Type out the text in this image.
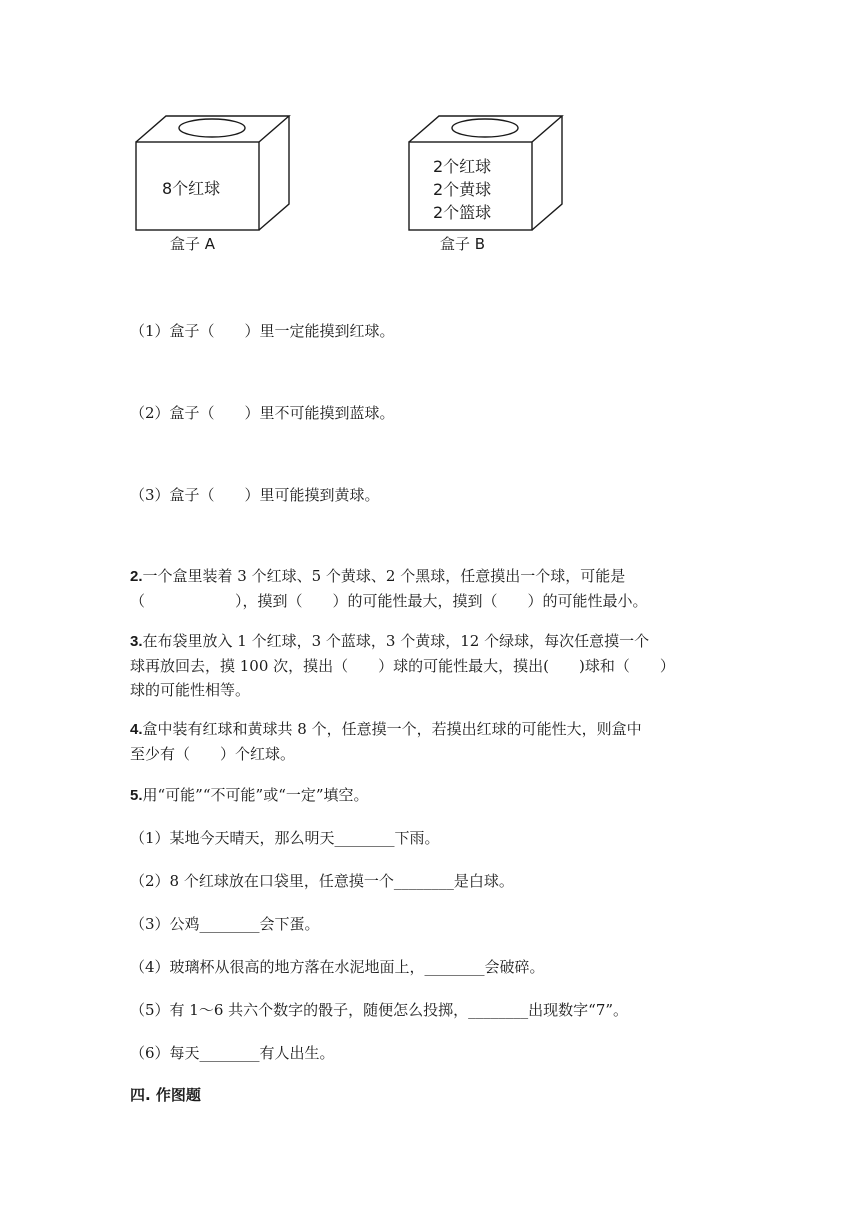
8个红球
盒子 A
2个红球
2个黄球
2个篮球
盒子 B
（1）盒子（　　）里一定能摸到红球。
（2）盒子（　　）里不可能摸到蓝球。
（3）盒子（　　）里可能摸到黄球。
2.一个盒里装着 3 个红球、5 个黄球、2 个黑球，任意摸出一个球，可能是
（　　　　　　），摸到（　　）的可能性最大，摸到（　　）的可能性最小。
3.在布袋里放入 1 个红球，3 个蓝球，3 个黄球，12 个绿球，每次任意摸一个
球再放回去，摸 100 次，摸出（　　）球的可能性最大，摸出(　　)球和（　　）
球的可能性相等。
4.盒中装有红球和黄球共 8 个，任意摸一个，若摸出红球的可能性大，则盒中
至少有（　　）个红球。
5.用“可能”“不可能”或“一定”填空。
（1）某地今天晴天，那么明天________下雨。
（2）8 个红球放在口袋里，任意摸一个________是白球。
（3）公鸡________会下蛋。
（4）玻璃杯从很高的地方落在水泥地面上，________会破碎。
（5）有 1～6 共六个数字的骰子，随便怎么投掷，________出现数字“7”。
（6）每天________有人出生。
四. 作图题
